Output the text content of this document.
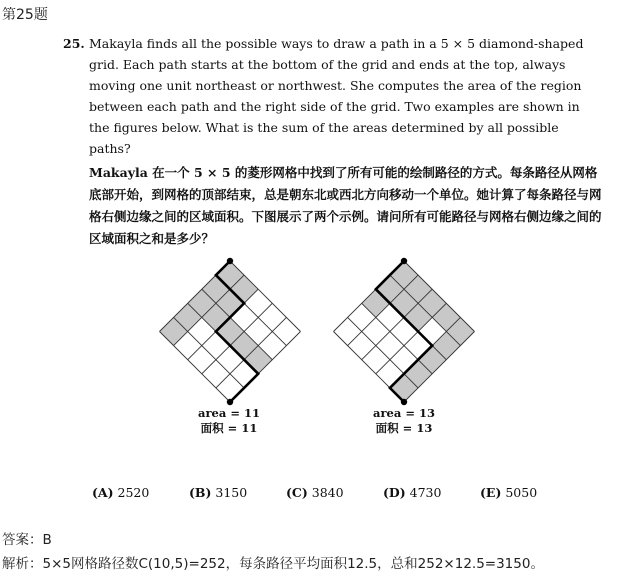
第25题

25. Makayla finds all the possible ways to draw a path in a 5 × 5 diamond-shaped grid. Each path starts at the bottom of the grid and ends at the top, always moving one unit northeast or northwest. She computes the area of the region between each path and the right side of the grid. Two examples are shown in the figures below. What is the sum of the areas determined by all possible paths?

Makayla 在一个 5 × 5 的菱形网格中找到了所有可能的绘制路径的方式。每条路径从网格底部开始，到网格的顶部结束，总是朝东北或西北方向移动一个单位。她计算了每条路径与网格右侧边缘之间的区域面积。下图展示了两个示例。请问所有可能路径与网格右侧边缘之间的区域面积之和是多少？

area = 11
面积 = 11
area = 13
面积 = 13
(A) 2520	(B) 3150	(C) 3840	(D) 4730	(E) 5050
答案：B
解析：5×5网格路径数C(10,5)=252，每条路径平均面积12.5，总和252×12.5=3150。
